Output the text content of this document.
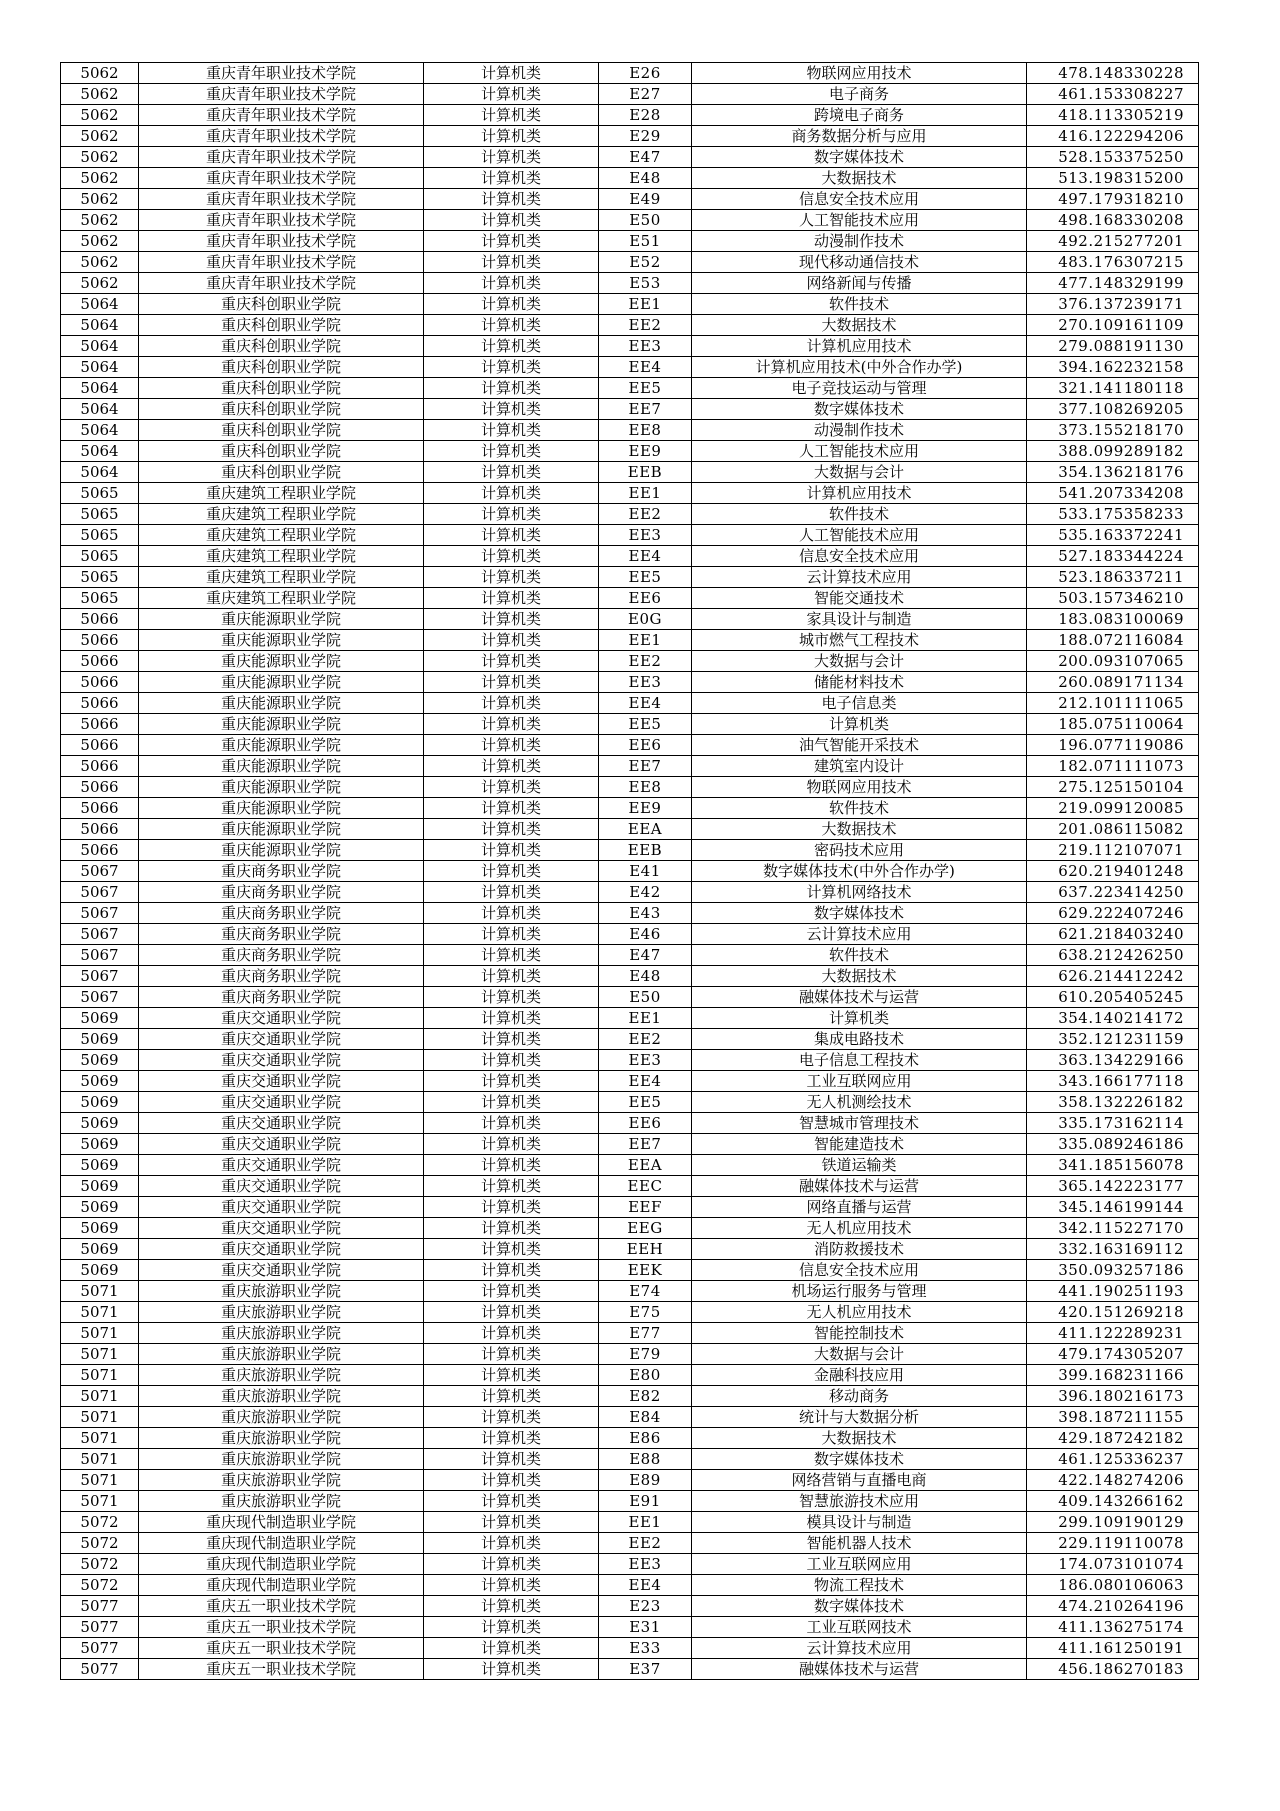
5062	重庆青年职业技术学院	计算机类	E26	物联网应用技术	478.148330228
5062	重庆青年职业技术学院	计算机类	E27	电子商务	461.153308227
5062	重庆青年职业技术学院	计算机类	E28	跨境电子商务	418.113305219
5062	重庆青年职业技术学院	计算机类	E29	商务数据分析与应用	416.122294206
5062	重庆青年职业技术学院	计算机类	E47	数字媒体技术	528.153375250
5062	重庆青年职业技术学院	计算机类	E48	大数据技术	513.198315200
5062	重庆青年职业技术学院	计算机类	E49	信息安全技术应用	497.179318210
5062	重庆青年职业技术学院	计算机类	E50	人工智能技术应用	498.168330208
5062	重庆青年职业技术学院	计算机类	E51	动漫制作技术	492.215277201
5062	重庆青年职业技术学院	计算机类	E52	现代移动通信技术	483.176307215
5062	重庆青年职业技术学院	计算机类	E53	网络新闻与传播	477.148329199
5064	重庆科创职业学院	计算机类	EE1	软件技术	376.137239171
5064	重庆科创职业学院	计算机类	EE2	大数据技术	270.109161109
5064	重庆科创职业学院	计算机类	EE3	计算机应用技术	279.088191130
5064	重庆科创职业学院	计算机类	EE4	计算机应用技术(中外合作办学)	394.162232158
5064	重庆科创职业学院	计算机类	EE5	电子竞技运动与管理	321.141180118
5064	重庆科创职业学院	计算机类	EE7	数字媒体技术	377.108269205
5064	重庆科创职业学院	计算机类	EE8	动漫制作技术	373.155218170
5064	重庆科创职业学院	计算机类	EE9	人工智能技术应用	388.099289182
5064	重庆科创职业学院	计算机类	EEB	大数据与会计	354.136218176
5065	重庆建筑工程职业学院	计算机类	EE1	计算机应用技术	541.207334208
5065	重庆建筑工程职业学院	计算机类	EE2	软件技术	533.175358233
5065	重庆建筑工程职业学院	计算机类	EE3	人工智能技术应用	535.163372241
5065	重庆建筑工程职业学院	计算机类	EE4	信息安全技术应用	527.183344224
5065	重庆建筑工程职业学院	计算机类	EE5	云计算技术应用	523.186337211
5065	重庆建筑工程职业学院	计算机类	EE6	智能交通技术	503.157346210
5066	重庆能源职业学院	计算机类	E0G	家具设计与制造	183.083100069
5066	重庆能源职业学院	计算机类	EE1	城市燃气工程技术	188.072116084
5066	重庆能源职业学院	计算机类	EE2	大数据与会计	200.093107065
5066	重庆能源职业学院	计算机类	EE3	储能材料技术	260.089171134
5066	重庆能源职业学院	计算机类	EE4	电子信息类	212.101111065
5066	重庆能源职业学院	计算机类	EE5	计算机类	185.075110064
5066	重庆能源职业学院	计算机类	EE6	油气智能开采技术	196.077119086
5066	重庆能源职业学院	计算机类	EE7	建筑室内设计	182.071111073
5066	重庆能源职业学院	计算机类	EE8	物联网应用技术	275.125150104
5066	重庆能源职业学院	计算机类	EE9	软件技术	219.099120085
5066	重庆能源职业学院	计算机类	EEA	大数据技术	201.086115082
5066	重庆能源职业学院	计算机类	EEB	密码技术应用	219.112107071
5067	重庆商务职业学院	计算机类	E41	数字媒体技术(中外合作办学)	620.219401248
5067	重庆商务职业学院	计算机类	E42	计算机网络技术	637.223414250
5067	重庆商务职业学院	计算机类	E43	数字媒体技术	629.222407246
5067	重庆商务职业学院	计算机类	E46	云计算技术应用	621.218403240
5067	重庆商务职业学院	计算机类	E47	软件技术	638.212426250
5067	重庆商务职业学院	计算机类	E48	大数据技术	626.214412242
5067	重庆商务职业学院	计算机类	E50	融媒体技术与运营	610.205405245
5069	重庆交通职业学院	计算机类	EE1	计算机类	354.140214172
5069	重庆交通职业学院	计算机类	EE2	集成电路技术	352.121231159
5069	重庆交通职业学院	计算机类	EE3	电子信息工程技术	363.134229166
5069	重庆交通职业学院	计算机类	EE4	工业互联网应用	343.166177118
5069	重庆交通职业学院	计算机类	EE5	无人机测绘技术	358.132226182
5069	重庆交通职业学院	计算机类	EE6	智慧城市管理技术	335.173162114
5069	重庆交通职业学院	计算机类	EE7	智能建造技术	335.089246186
5069	重庆交通职业学院	计算机类	EEA	铁道运输类	341.185156078
5069	重庆交通职业学院	计算机类	EEC	融媒体技术与运营	365.142223177
5069	重庆交通职业学院	计算机类	EEF	网络直播与运营	345.146199144
5069	重庆交通职业学院	计算机类	EEG	无人机应用技术	342.115227170
5069	重庆交通职业学院	计算机类	EEH	消防救援技术	332.163169112
5069	重庆交通职业学院	计算机类	EEK	信息安全技术应用	350.093257186
5071	重庆旅游职业学院	计算机类	E74	机场运行服务与管理	441.190251193
5071	重庆旅游职业学院	计算机类	E75	无人机应用技术	420.151269218
5071	重庆旅游职业学院	计算机类	E77	智能控制技术	411.122289231
5071	重庆旅游职业学院	计算机类	E79	大数据与会计	479.174305207
5071	重庆旅游职业学院	计算机类	E80	金融科技应用	399.168231166
5071	重庆旅游职业学院	计算机类	E82	移动商务	396.180216173
5071	重庆旅游职业学院	计算机类	E84	统计与大数据分析	398.187211155
5071	重庆旅游职业学院	计算机类	E86	大数据技术	429.187242182
5071	重庆旅游职业学院	计算机类	E88	数字媒体技术	461.125336237
5071	重庆旅游职业学院	计算机类	E89	网络营销与直播电商	422.148274206
5071	重庆旅游职业学院	计算机类	E91	智慧旅游技术应用	409.143266162
5072	重庆现代制造职业学院	计算机类	EE1	模具设计与制造	299.109190129
5072	重庆现代制造职业学院	计算机类	EE2	智能机器人技术	229.119110078
5072	重庆现代制造职业学院	计算机类	EE3	工业互联网应用	174.073101074
5072	重庆现代制造职业学院	计算机类	EE4	物流工程技术	186.080106063
5077	重庆五一职业技术学院	计算机类	E23	数字媒体技术	474.210264196
5077	重庆五一职业技术学院	计算机类	E31	工业互联网技术	411.136275174
5077	重庆五一职业技术学院	计算机类	E33	云计算技术应用	411.161250191
5077	重庆五一职业技术学院	计算机类	E37	融媒体技术与运营	456.186270183
